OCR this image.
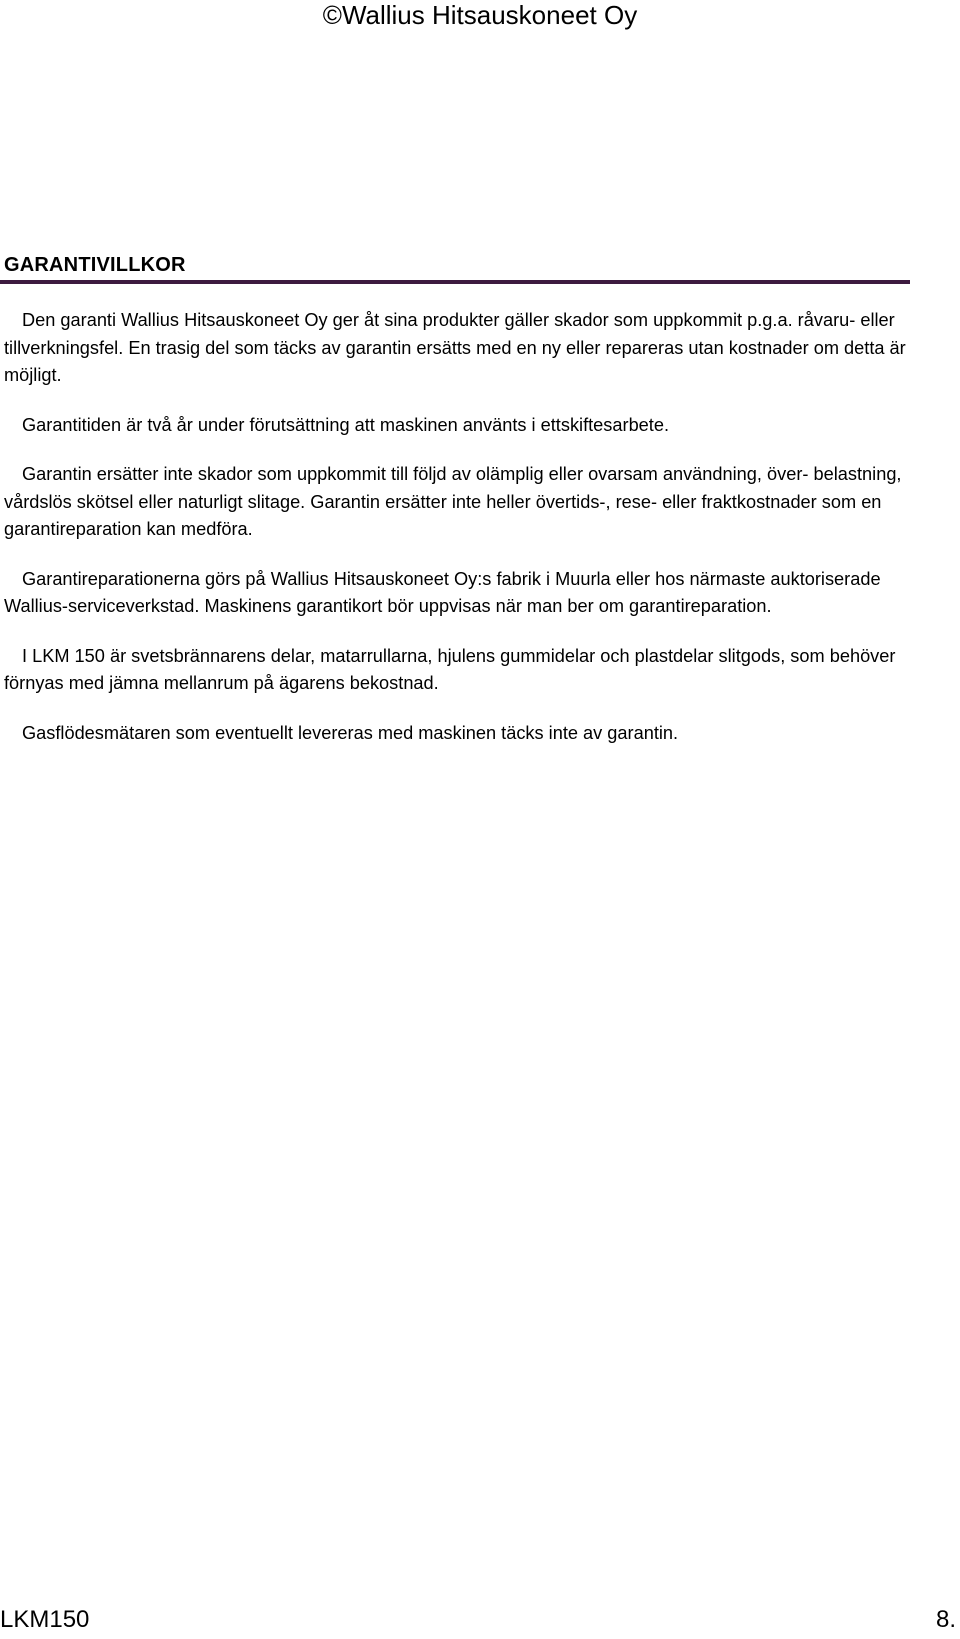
©Wallius Hitsauskoneet Oy
GARANTIVILLKOR

Den garanti Wallius Hitsauskoneet Oy ger åt sina produkter gäller skador som uppkommit p.g.a. råvaru- eller tillverkningsfel. En trasig del som täcks av garantin ersätts med en ny eller repareras utan kostnader om detta är möjligt.

Garantitiden är två år under förutsättning att maskinen använts i ettskiftesarbete.

Garantin ersätter inte skador som uppkommit till följd av olämplig eller ovarsam användning, över- belastning, vårdslös skötsel eller naturligt slitage. Garantin ersätter inte heller övertids-, rese- eller fraktkostnader som en garantireparation kan medföra.

Garantireparationerna görs på Wallius Hitsauskoneet Oy:s fabrik i Muurla eller hos närmaste auktoriserade Wallius-serviceverkstad. Maskinens garantikort bör uppvisas när man ber om garantireparation.

I LKM 150 är svetsbrännarens delar, matarrullarna, hjulens gummidelar och plastdelar slitgods, som behöver förnyas med jämna mellanrum på ägarens bekostnad.

Gasflödesmätaren som eventuellt levereras med maskinen täcks inte av garantin.

LKM150	8.
